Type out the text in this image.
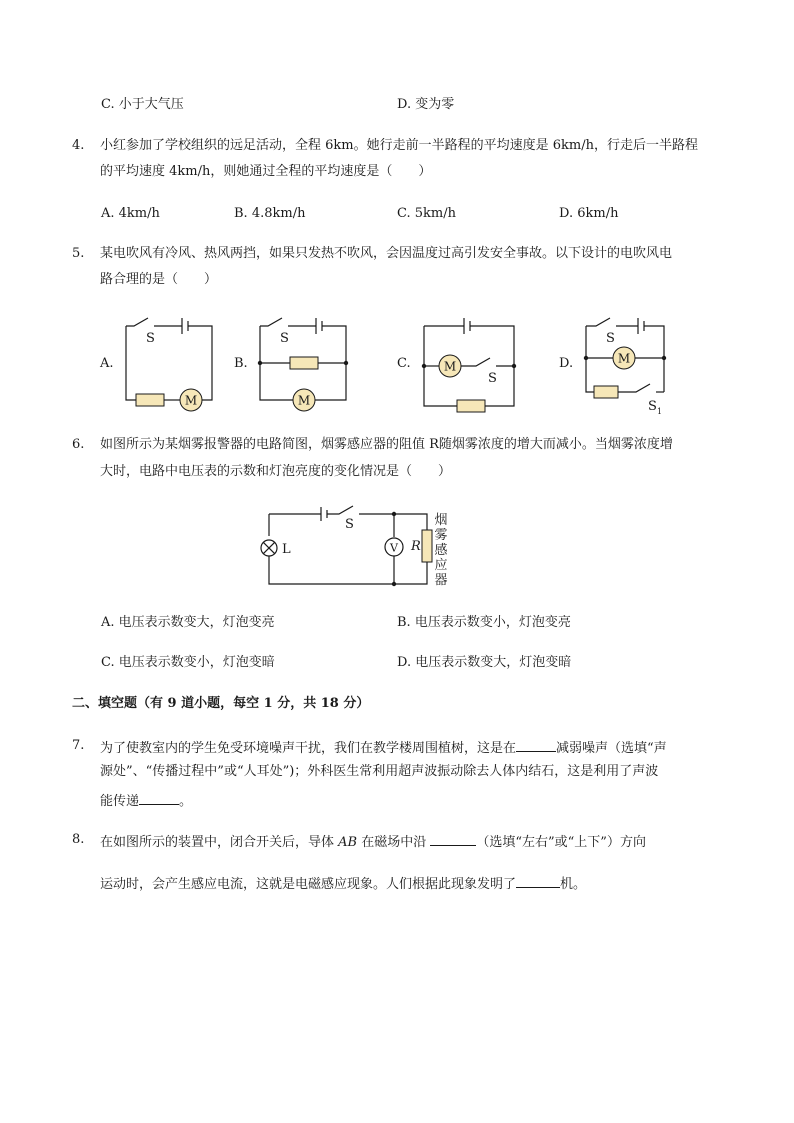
C. 小于大气压	D. 变为零
4. 小红参加了学校组织的远足活动，全程 6km。她行走前一半路程的平均速度是 6km/h，行走后一半路程
的平均速度 4km/h，则她通过全程的平均速度是（　　）
A. 4km/h	B. 4.8km/h	C. 5km/h	D. 6km/h
5. 某电吹风有冷风、热风两挡，如果只发热不吹风，会因温度过高引发安全事故。以下设计的电吹风电
路合理的是（　　）
A.
M
S
B.
M
S
C.	M
S
D.	M
S
S 1
6. 如图所示为某烟雾报警器的电路简图，烟雾感应器的阻值 R随烟雾浓度的增大而减小。当烟雾浓度增
大时，电路中电压表的示数和灯泡亮度的变化情况是（　　）
V
S
L	R
烟
雾
感
应
器
A. 电压表示数变大，灯泡变亮	B. 电压表示数变小，灯泡变亮
C. 电压表示数变小，灯泡变暗	D. 电压表示数变大，灯泡变暗
二、填空题（有 9 道小题，每空 1 分，共 18 分）
7. 为了使教室内的学生免受环境噪声干扰，我们在教学楼周围植树，这是在	减弱噪声（选填“声
源处”、“传播过程中”或“人耳处”)；外科医生常利用超声波振动除去人体内结石，这是利用了声波
能传递	。
8. 在如图所示的装置中，闭合开关后，导体 AB 在磁场中沿	（选填“左右”或“上下”）方向
运动时，会产生感应电流，这就是电磁感应现象。人们根据此现象发明了	机。
